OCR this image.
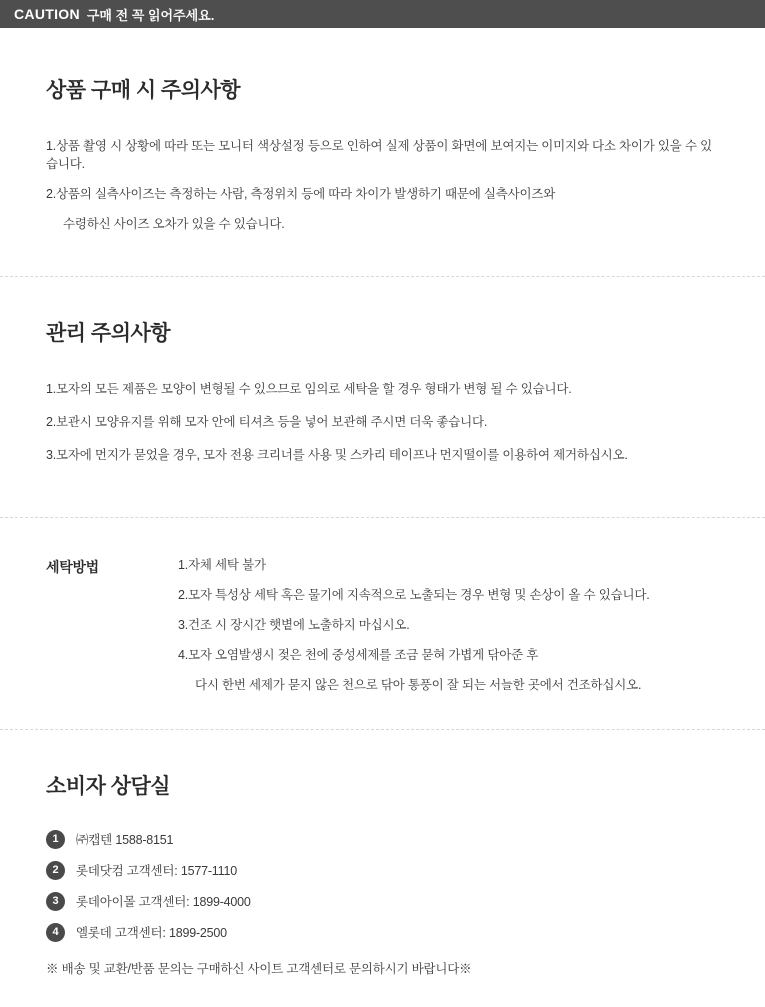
CAUTION 구매 전 꼭 읽어주세요.
상품 구매 시 주의사항
1.상품 촬영 시 상황에 따라 또는 모니터 색상설정 등으로 인하여 실제 상품이 화면에 보여지는 이미지와 다소 차이가 있을 수 있습니다.
2.상품의 실측사이즈는 측정하는 사람, 측정위치 등에 따라 차이가 발생하기 때문에 실측사이즈와
수령하신 사이즈 오차가 있을 수 있습니다.
관리 주의사항
1.모자의 모든 제품은 모양이 변형될 수 있으므로 임의로 세탁을 할 경우 형태가 변형 될 수 있습니다.
2.보관시 모양유지를 위해 모자 안에 티셔츠 등을 넣어 보관해 주시면 더욱 좋습니다.
3.모자에 먼지가 묻었을 경우, 모자 전용 크리너를 사용 및 스카리 테이프나 먼지떨이를 이용하여 제거하십시오.
세탁방법	1.자체 세탁 불가
2.모자 특성상 세탁 혹은 물기에 지속적으로 노출되는 경우 변형 및 손상이 올 수 있습니다.
3.건조 시 장시간 햇볕에 노출하지 마십시오.
4.모자 오염발생시 젖은 천에 중성세제를 조금 묻혀 가볍게 닦아준 후
다시 한번 세제가 묻지 않은 천으로 닦아 통풍이 잘 되는 서늘한 곳에서 건조하십시오.
소비자 상담실
1	㈜캡텐 1588-8151
2	롯데닷컴 고객센터: 1577-1110
3	롯데아이몰 고객센터: 1899-4000
4	엘롯데 고객센터: 1899-2500
※ 배송 및 교환/반품 문의는 구매하신 사이트 고객센터로 문의하시기 바랍니다※
